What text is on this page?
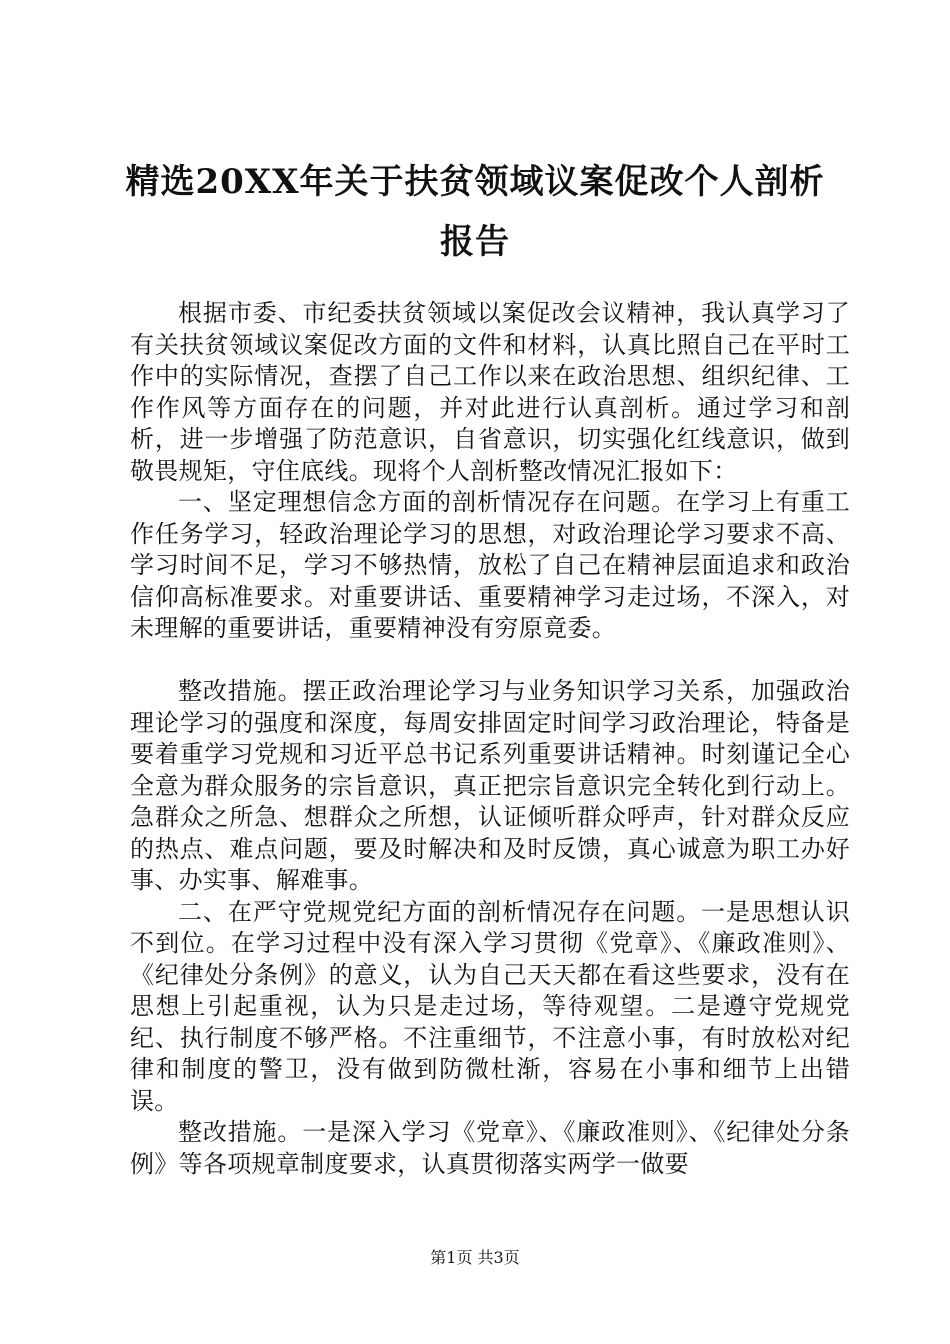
精选20XX年关于扶贫领域议案促改个人剖析
报告

根据市委、市纪委扶贫领域以案促改会议精神，我认真学习了有关扶贫领域议案促改方面的文件和材料，认真比照自己在平时工作中的实际情况，查摆了自己工作以来在政治思想、组织纪律、工作作风等方面存在的问题，并对此进行认真剖析。通过学习和剖析，进一步增强了防范意识，自省意识，切实强化红线意识，做到敬畏规矩，守住底线。现将个人剖析整改情况汇报如下：

一、坚定理想信念方面的剖析情况存在问题。在学习上有重工作任务学习，轻政治理论学习的思想，对政治理论学习要求不高、学习时间不足，学习不够热情，放松了自己在精神层面追求和政治信仰高标准要求。对重要讲话、重要精神学习走过场，不深入，对未理解的重要讲话，重要精神没有穷原竟委。

整改措施。摆正政治理论学习与业务知识学习关系，加强政治理论学习的强度和深度，每周安排固定时间学习政治理论，特备是要着重学习党规和习近平总书记系列重要讲话精神。时刻谨记全心全意为群众服务的宗旨意识，真正把宗旨意识完全转化到行动上。急群众之所急、想群众之所想，认证倾听群众呼声，针对群众反应的热点、难点问题，要及时解决和及时反馈，真心诚意为职工办好事、办实事、解难事。

二、在严守党规党纪方面的剖析情况存在问题。一是思想认识不到位。在学习过程中没有深入学习贯彻《党章》、《廉政准则》、《纪律处分条例》的意义，认为自己天天都在看这些要求，没有在思想上引起重视，认为只是走过场，等待观望。二是遵守党规党纪、执行制度不够严格。不注重细节，不注意小事，有时放松对纪律和制度的警卫，没有做到防微杜渐，容易在小事和细节上出错误。

整改措施。一是深入学习《党章》、《廉政准则》、《纪律处分条例》等各项规章制度要求，认真贯彻落实两学一做要

第1页 共3页
